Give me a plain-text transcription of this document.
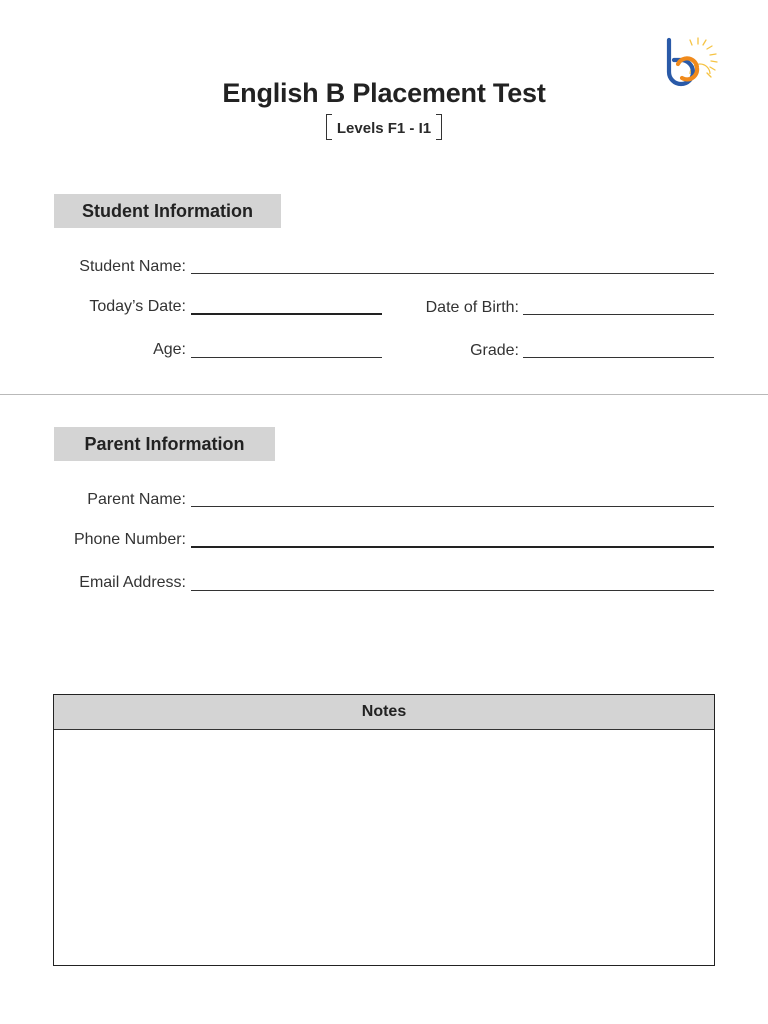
English B Placement Test
Levels F1 - I1
Student Information
Student Name:
Today’s Date:	Date of Birth:
Age:	Grade:
Parent Information
Parent Name:
Phone Number:
Email Address:
Notes
